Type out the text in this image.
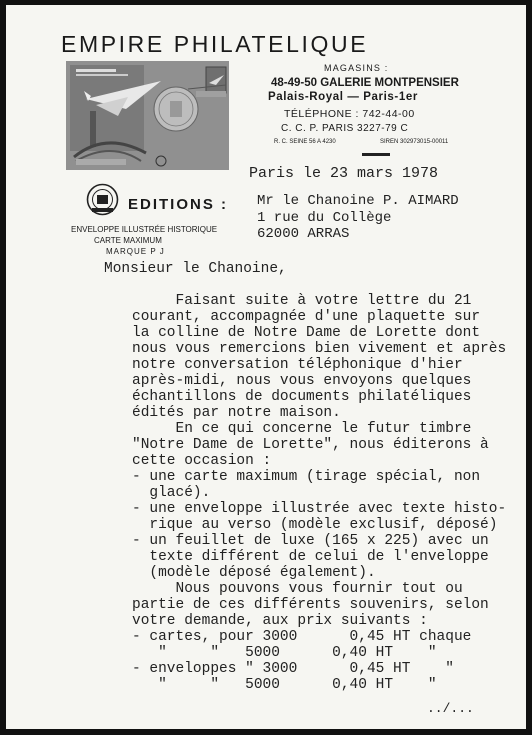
EMPIRE PHILATELIQUE
MAGASINS :
48-49-50 GALERIE MONTPENSIER
Palais-Royal — Paris-1er
TÉLÉPHONE : 742-44-00
C. C. P. PARIS 3227-79 C
R. C. SEINE 56 A 4230	SIREN 302973015-00011
EDITIONS :
ENVELOPPE ILLUSTRÉE HISTORIQUE
CARTE MAXIMUM
MARQUE P J
Paris le 23 mars 1978
Mr le Chanoine P. AIMARD
1 rue du Collège
62000 ARRAS
Monsieur le Chanoine,
Faisant suite à votre lettre du 21
courant, accompagnée d'une plaquette sur
la colline de Notre Dame de Lorette dont
nous vous remercions bien vivement et après
notre conversation téléphonique d'hier
après-midi, nous vous envoyons quelques
échantillons de documents philatéliques
édités par notre maison.
En ce qui concerne le futur timbre
"Notre Dame de Lorette", nous éditerons à
cette occasion :
- une carte maximum (tirage spécial, non
glacé).
- une enveloppe illustrée avec texte histo-
rique au verso (modèle exclusif, déposé)
- un feuillet de luxe (165 x 225) avec un
texte différent de celui de l'enveloppe
(modèle déposé également).
Nous pouvons vous fournir tout ou
partie de ces différents souvenirs, selon
votre demande, aux prix suivants :
- cartes, pour 3000      0,45 HT chaque
"     "   5000      0,40 HT    "
- enveloppes " 3000      0,45 HT    "
"     "   5000      0,40 HT    "
../...
